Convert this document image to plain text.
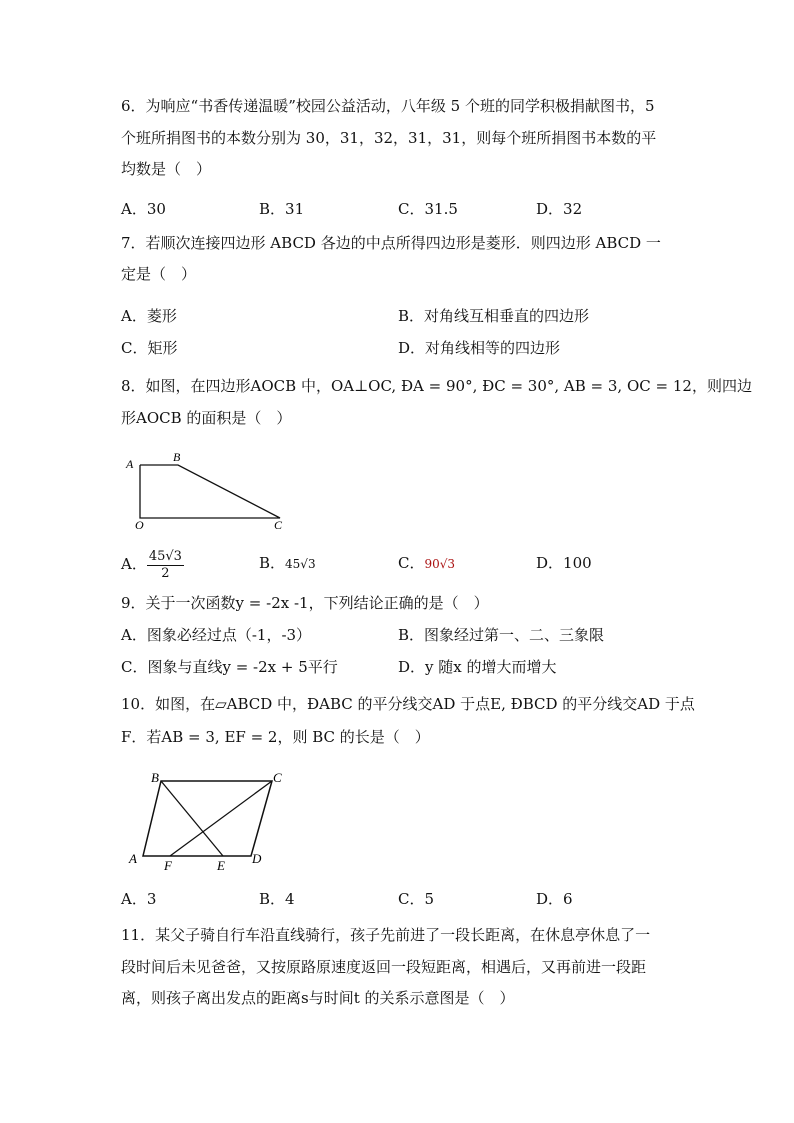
6．为响应“书香传递温暖”校园公益活动，八年级 5 个班的同学积极捐献图书，5
个班所捐图书的本数分别为 30，31，32，31，31，则每个班所捐图书本数的平
均数是（　）
A．30	B．31	C．31.5	D．32
7．若顺次连接四边形 ABCD 各边的中点所得四边形是菱形．则四边形 ABCD 一
定是（　）
A．菱形	B．对角线互相垂直的四边形
C．矩形	D．对角线相等的四边形
8．如图，在四边形AOCB 中，OA⊥OC, ĐA = 90°, ĐC = 30°, AB = 3, OC = 12，则四边
形AOCB 的面积是（　）
A	B
O	C
A． $\frac{45√3}{2}$	B．45√3	C．90√3	D．100
9．关于一次函数y = -2x -1，下列结论正确的是（　）
A．图象必经过点（-1，-3）	B．图象经过第一、二、三象限
C．图象与直线y = -2x + 5平行	D．y 随x 的增大而增大
10．如图，在▱ABCD 中，ĐABC 的平分线交AD 于点E, ÐBCD 的平分线交AD 于点
F．若AB = 3, EF = 2，则 BC 的长是（　）
B	C
A F	E D
A．3	B．4	C．5	D．6
11．某父子骑自行车沿直线骑行，孩子先前进了一段长距离，在休息亭休息了一
段时间后未见爸爸，又按原路原速度返回一段短距离，相遇后，又再前进一段距
离，则孩子离出发点的距离s与时间t 的关系示意图是（　）
